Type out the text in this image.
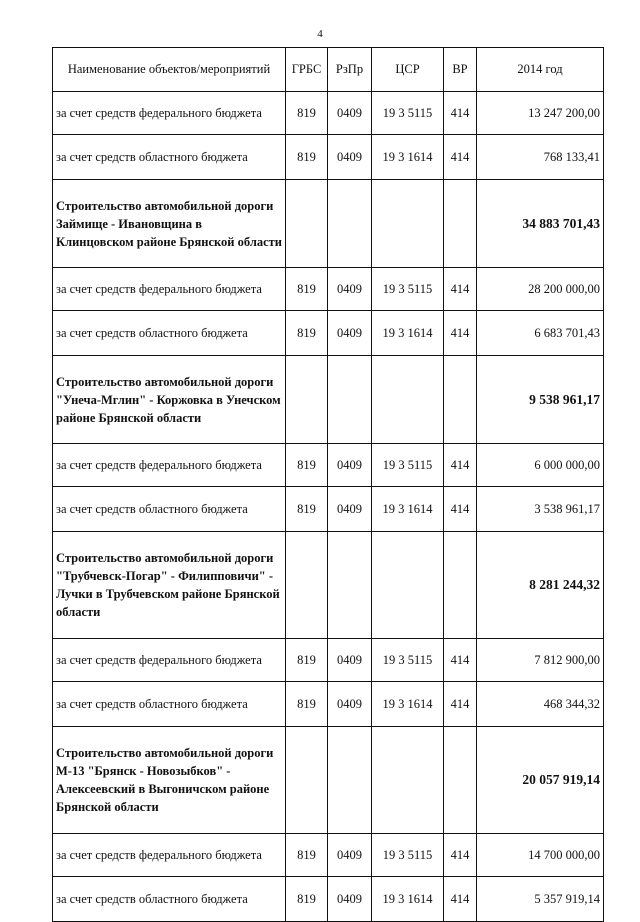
4
Наименование объектов/мероприятий	ГРБС	РзПр	ЦСР	ВР	2014 год
за счет средств федерального бюджета	819	0409	19 3 5115	414	13 247 200,00
за счет средств областного бюджета	819	0409	19 3 1614	414	768 133,41
Строительство автомобильной дороги Займище - Ивановщина в Клинцовском районе Брянской области					34 883 701,43
за счет средств федерального бюджета	819	0409	19 3 5115	414	28 200 000,00
за счет средств областного бюджета	819	0409	19 3 1614	414	6 683 701,43
Строительство автомобильной дороги "Унеча-Мглин" - Коржовка в Унечском районе Брянской области					9 538 961,17
за счет средств федерального бюджета	819	0409	19 3 5115	414	6 000 000,00
за счет средств областного бюджета	819	0409	19 3 1614	414	3 538 961,17
Строительство автомобильной дороги "Трубчевск-Погар" - Филипповичи" - Лучки в Трубчевском районе Брянской области					8 281 244,32
за счет средств федерального бюджета	819	0409	19 3 5115	414	7 812 900,00
за счет средств областного бюджета	819	0409	19 3 1614	414	468 344,32
Строительство автомобильной дороги М-13 "Брянск - Новозыбков" - Алексеевский в Выгоничском районе Брянской области					20 057 919,14
за счет средств федерального бюджета	819	0409	19 3 5115	414	14 700 000,00
за счет средств областного бюджета	819	0409	19 3 1614	414	5 357 919,14
